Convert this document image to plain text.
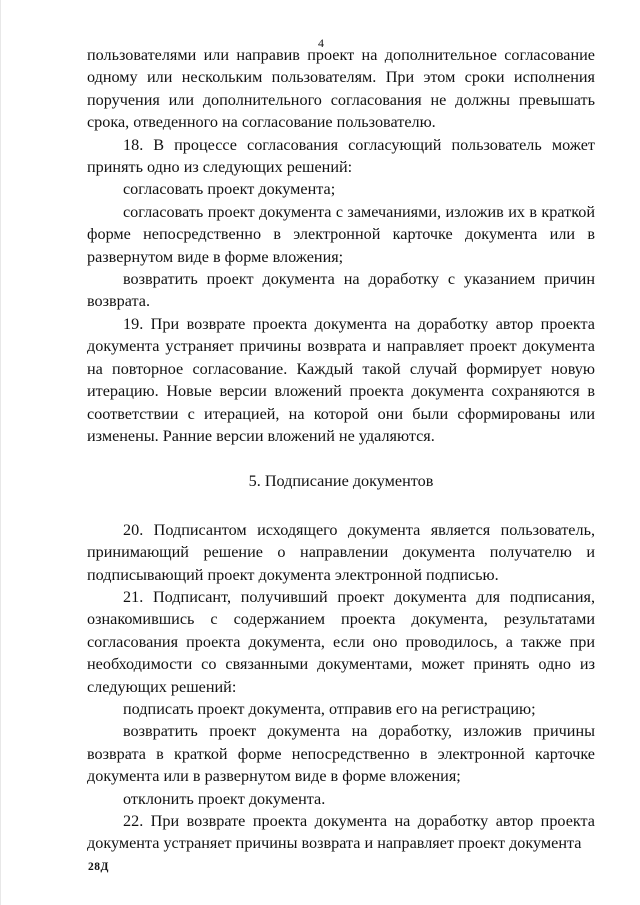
4

пользователями или направив проект на дополнительное согласование одному или нескольким пользователям. При этом сроки исполнения поручения или дополнительного согласования не должны превышать срока, отведенного на согласование пользователю.

18. В процессе согласования согласующий пользователь может принять одно из следующих решений:

согласовать проект документа;

согласовать проект документа с замечаниями, изложив их в краткой форме непосредственно в электронной карточке документа или в развернутом виде в форме вложения;

возвратить проект документа на доработку с указанием причин возврата.

19. При возврате проекта документа на доработку автор проекта документа устраняет причины возврата и направляет проект документа на повторное согласование. Каждый такой случай формирует новую итерацию. Новые версии вложений проекта документа сохраняются в соответствии с итерацией, на которой они были сформированы или изменены. Ранние версии вложений не удаляются.

5. Подписание документов

20. Подписантом исходящего документа является пользователь, принимающий решение о направлении документа получателю и подписывающий проект документа электронной подписью.

21. Подписант, получивший проект документа для подписания, ознакомившись с содержанием проекта документа, результатами согласования проекта документа, если оно проводилось, а также при необходимости со связанными документами, может принять одно из следующих решений:

подписать проект документа, отправив его на регистрацию;

возвратить проект документа на доработку, изложив причины возврата в краткой форме непосредственно в электронной карточке документа или в развернутом виде в форме вложения;

отклонить проект документа.

22. При возврате проекта документа на доработку автор проекта документа устраняет причины возврата и направляет проект документа

28Д
